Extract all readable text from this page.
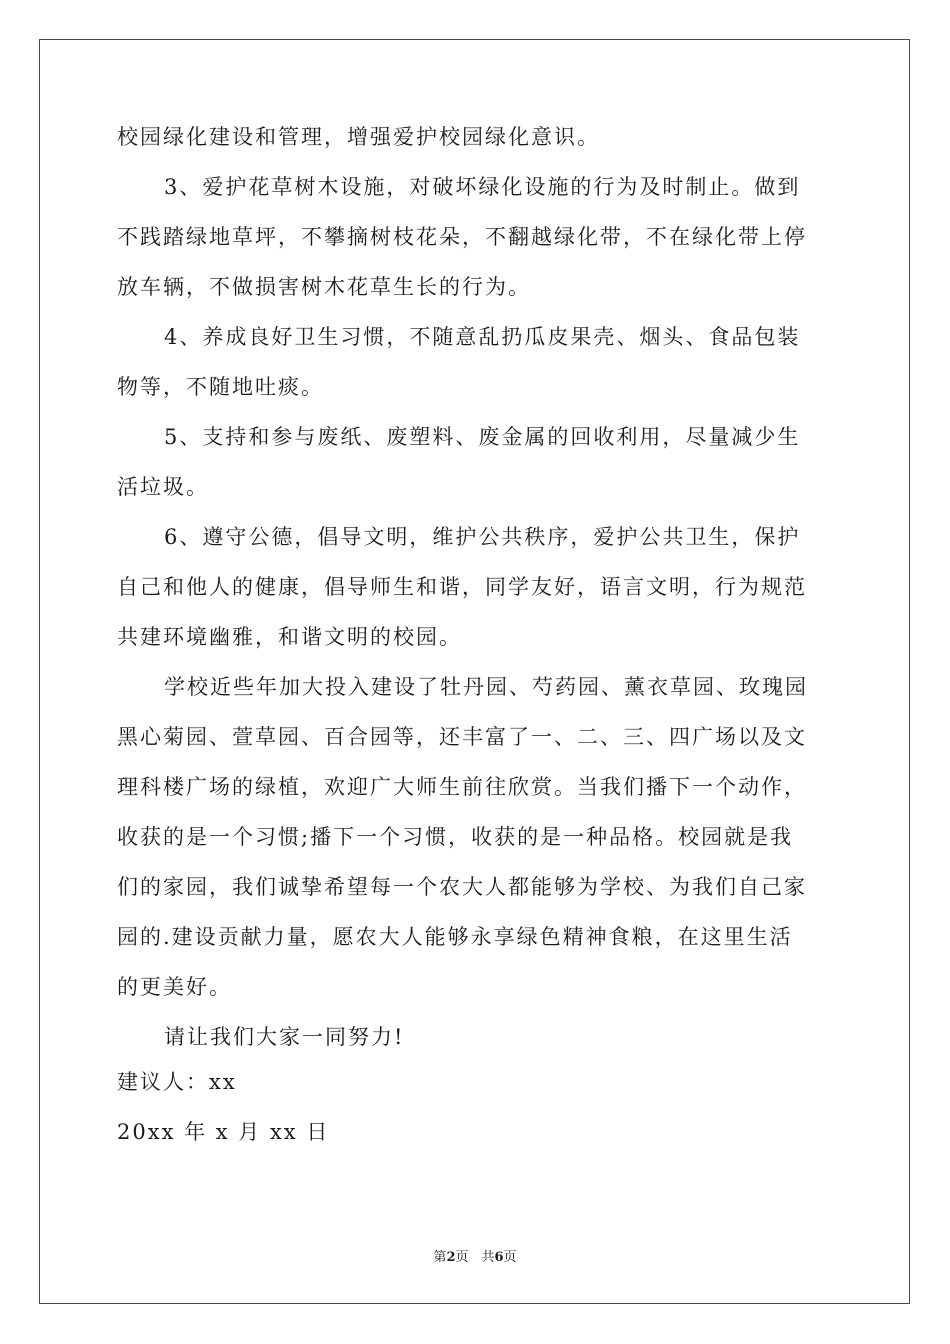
校园绿化建设和管理，增强爱护校园绿化意识。
3、爱护花草树木设施，对破坏绿化设施的行为及时制止。做到
不践踏绿地草坪，不攀摘树枝花朵，不翻越绿化带，不在绿化带上停
放车辆，不做损害树木花草生长的行为。
4、养成良好卫生习惯，不随意乱扔瓜皮果壳、烟头、食品包装
物等，不随地吐痰。
5、支持和参与废纸、废塑料、废金属的回收利用，尽量减少生
活垃圾。
6、遵守公德，倡导文明，维护公共秩序，爱护公共卫生，保护
自己和他人的健康，倡导师生和谐，同学友好，语言文明，行为规范
共建环境幽雅，和谐文明的校园。
学校近些年加大投入建设了牡丹园、芍药园、薰衣草园、玫瑰园
黑心菊园、萱草园、百合园等，还丰富了一、二、三、四广场以及文
理科楼广场的绿植，欢迎广大师生前往欣赏。当我们播下一个动作，
收获的是一个习惯;播下一个习惯，收获的是一种品格。校园就是我
们的家园，我们诚挚希望每一个农大人都能够为学校、为我们自己家
园的.建设贡献力量，愿农大人能够永享绿色精神食粮，在这里生活
的更美好。
请让我们大家一同努力!
建议人：xx
20xx 年 x 月 xx 日
第2页　共6页
